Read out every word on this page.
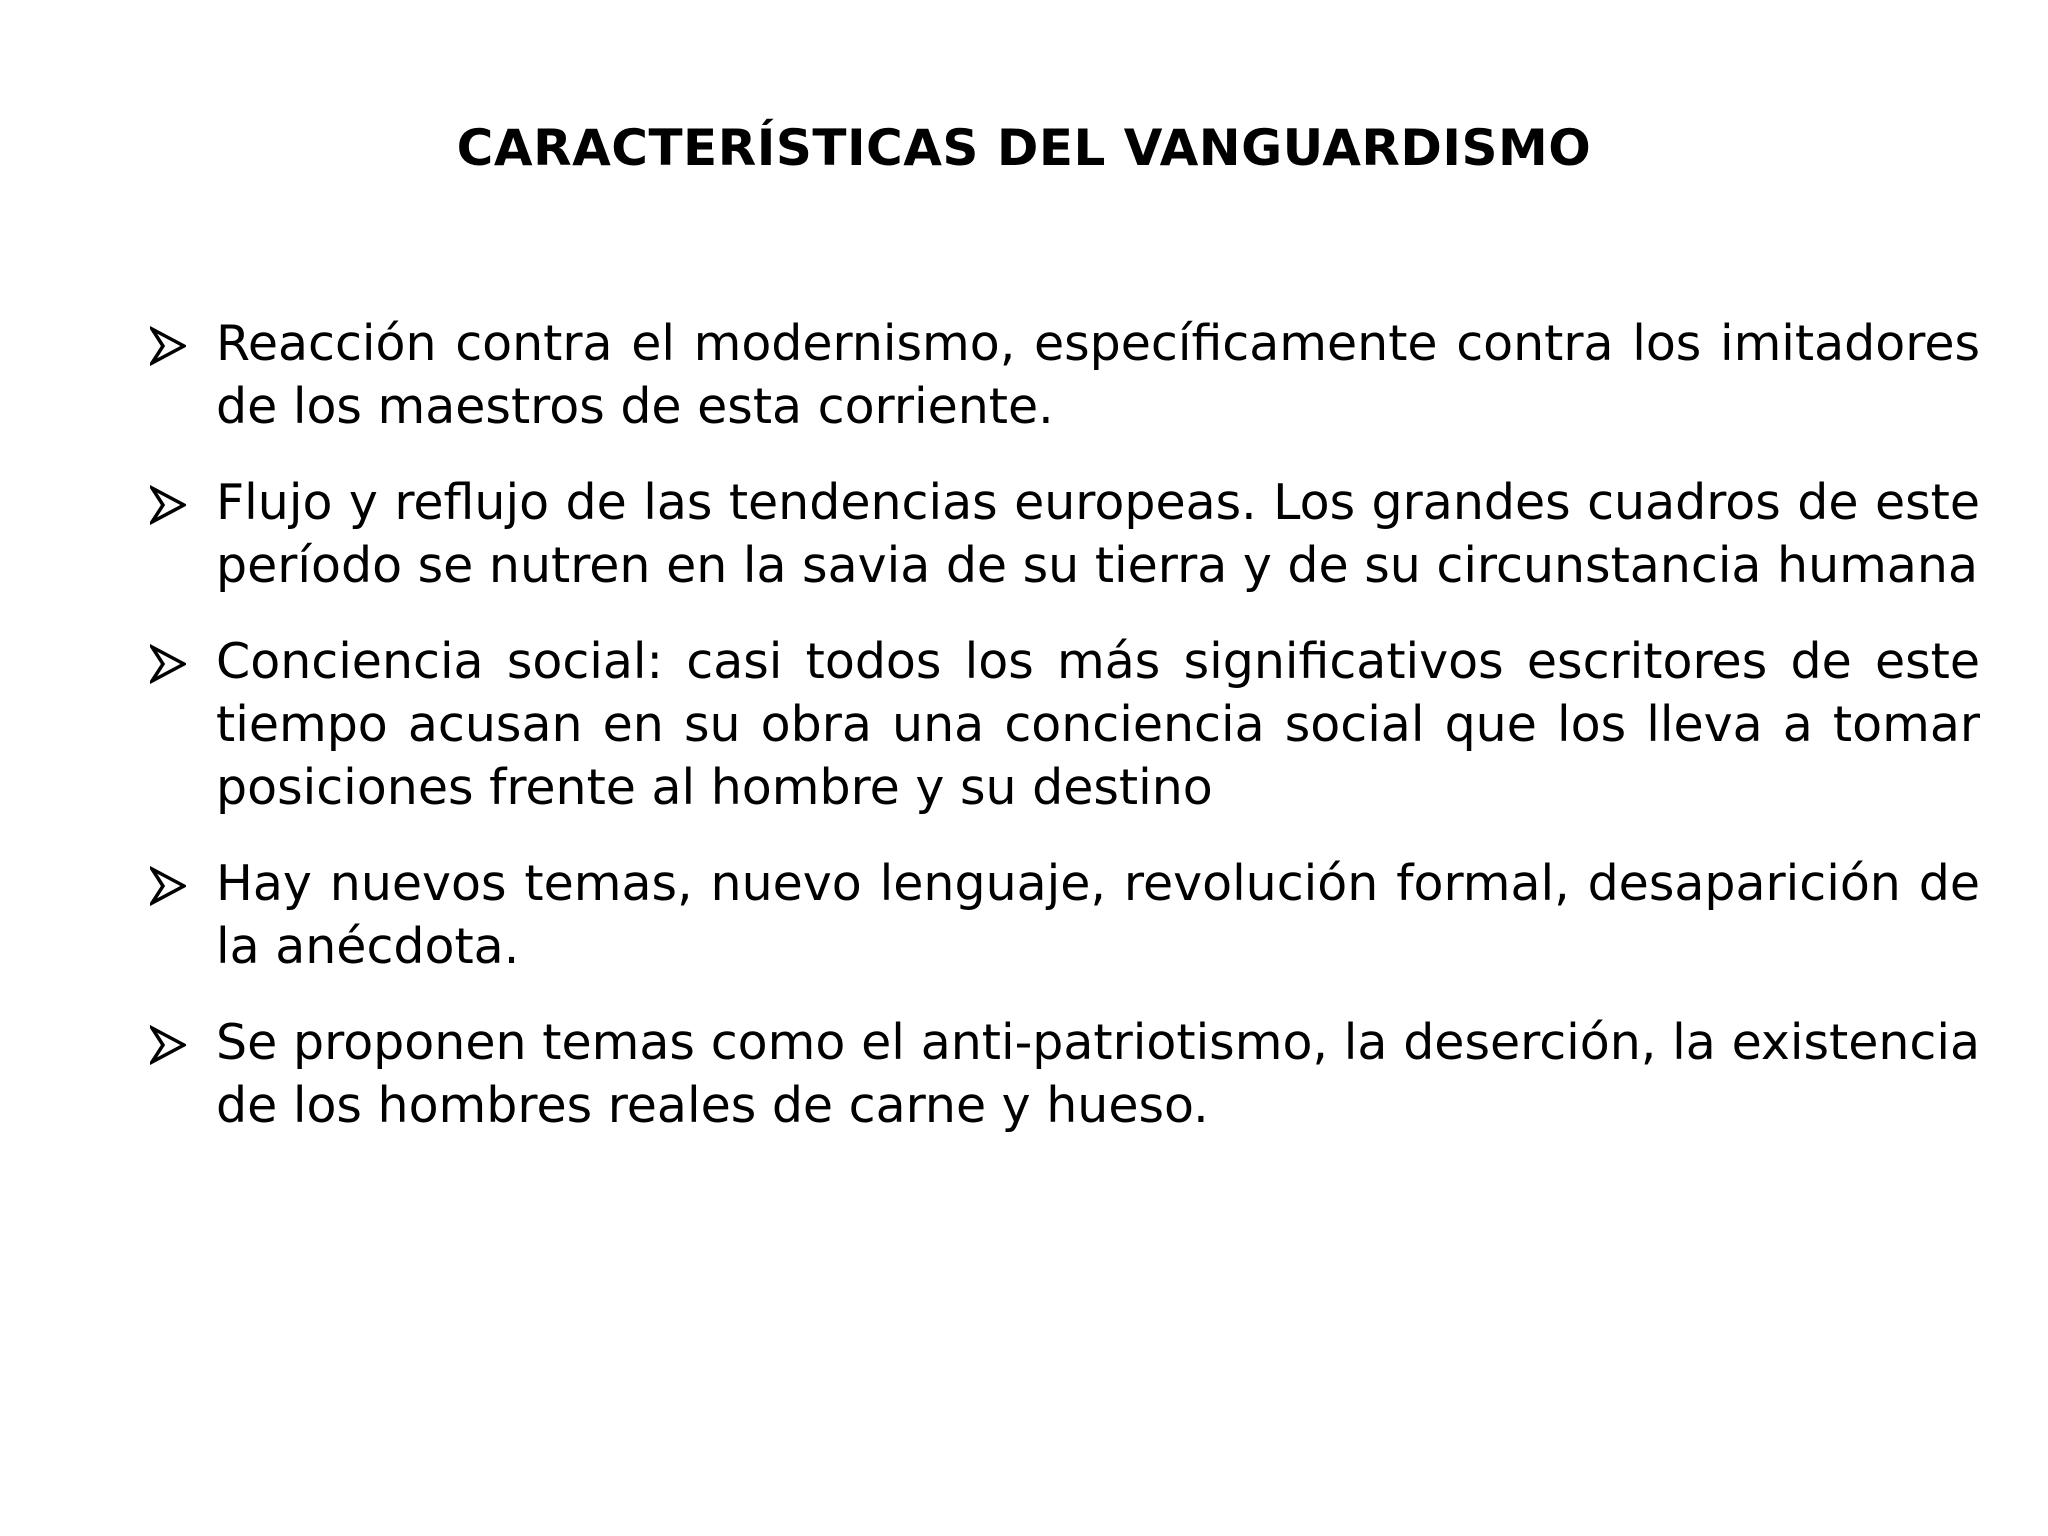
CARACTERÍSTICAS DEL VANGUARDISMO

Reacción contra el modernismo, específicamente contra los imitadores de los maestros de esta corriente.

Flujo y reflujo de las tendencias europeas. Los grandes cuadros de este período se nutren en la savia de su tierra y de su circunstancia humana

Conciencia social: casi todos los más significativos escritores de este tiempo acusan en su obra una conciencia social que los lleva a tomar posiciones frente al hombre y su destino

Hay nuevos temas, nuevo lenguaje, revolución formal, desaparición de la anécdota.

Se proponen temas como el anti-patriotismo, la deserción, la existencia de los hombres reales de carne y hueso.
